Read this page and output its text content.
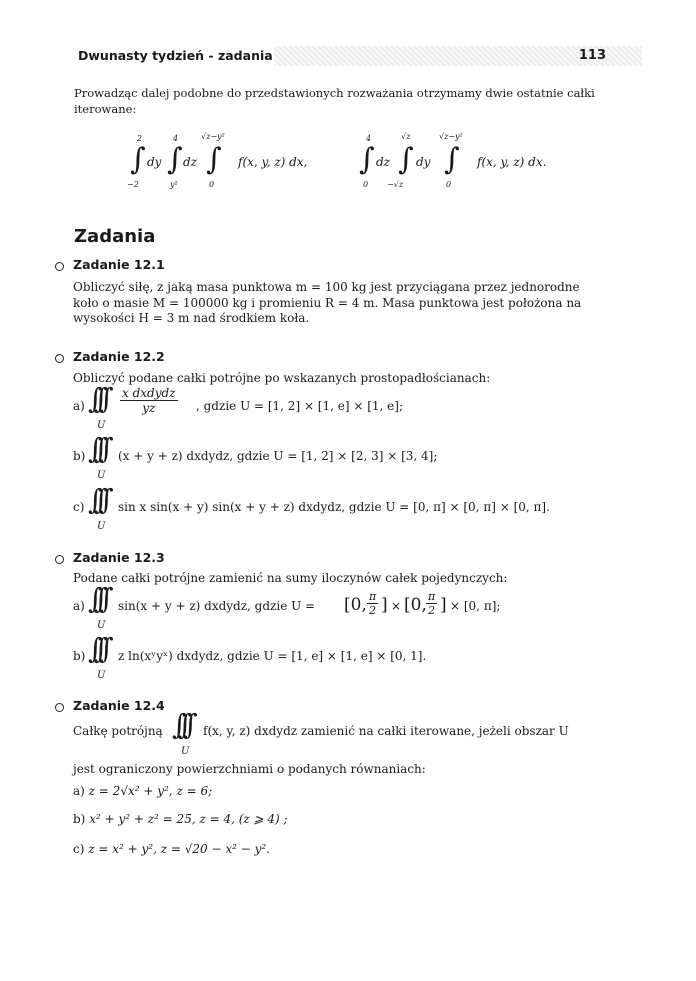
Dwunasty tydzień - zadania	113
Prowadząc dalej podobne do przedstawionych rozważania otrzymamy dwie ostatnie całki iterowane:
2
∫
−2
dy
4
∫
y²
dz
√z−y²
∫
0
f(x, y, z) dx,
4
∫
0
dz
√z
∫
−√z
dy
√z−y²
∫
0
f(x, y, z) dx.
Zadania
Zadanie 12.1
Obliczyć siłę, z jaką masa punktowa m = 100 kg jest przyciągana przez jednorodne koło o masie M = 100000 kg i promieniu R = 4 m. Masa punktowa jest położona na wysokości H = 3 m nad środkiem koła.
Zadanie 12.2
Obliczyć podane całki potrójne po wskazanych prostopadłościanach:
a) ∫∫∫
U
x dxdydz
yz	, gdzie U = [1, 2] × [1, e] × [1, e];
b) ∫∫∫
U
(x + y + z) dxdydz, gdzie U = [1, 2] × [2, 3] × [3, 4];
c) ∫∫∫
U
sin x sin(x + y) sin(x + y + z) dxdydz, gdzie U = [0, π] × [0, π] × [0, π].
Zadanie 12.3
Podane całki potrójne zamienić na sumy iloczynów całek pojedynczych:
a) ∫∫∫
U
sin(x + y + z) dxdydz, gdzie U = [0, $\frac{\pi}{2}$ ] × [0, $\frac{\pi}{2}$ ] × [0, π];
b) ∫∫∫
U
z ln(xʸyˣ) dxdydz, gdzie U = [1, e] × [1, e] × [0, 1].
Zadanie 12.4
Całkę potrójną ∫∫∫
U
f(x, y, z) dxdydz zamienić na całki iterowane, jeżeli obszar U
jest ograniczony powierzchniami o podanych równaniach:
a) z = 2√x² + y², z = 6;
b) x² + y² + z² = 25, z = 4, (z ⩾ 4) ;
c) z = x² + y², z = √20 − x² − y².
